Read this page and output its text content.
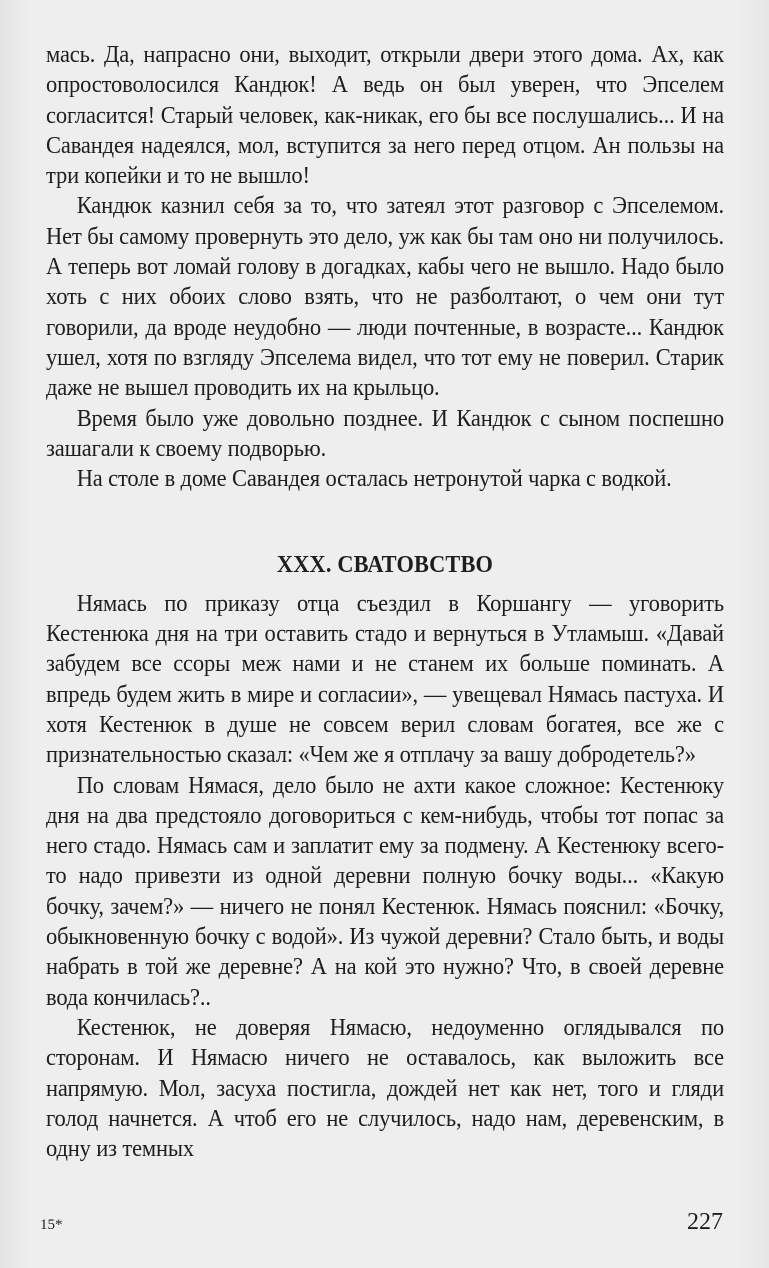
мась. Да, напрасно они, выходит, открыли двери этого дома. Ах, как опростоволосился Кандюк! А ведь он был уверен, что Эпселем согласится! Старый человек, как-никак, его бы все послушались... И на Савандея надеялся, мол, вступится за него перед отцом. Ан пользы на три копейки и то не вышло!

Кандюк казнил себя за то, что затеял этот разговор с Эпселемом. Нет бы самому провернуть это дело, уж как бы там оно ни получилось. А теперь вот ломай голову в догадках, кабы чего не вышло. Надо было хоть с них обоих слово взять, что не разболтают, о чем они тут говорили, да вроде неудобно — люди почтенные, в возрасте... Кандюк ушел, хотя по взгляду Эпселема видел, что тот ему не поверил. Старик даже не вышел проводить их на крыльцо.

Время было уже довольно позднее. И Кандюк с сыном поспешно зашагали к своему подворью.

На столе в доме Савандея осталась нетронутой чарка с водкой.

XXX. СВАТОВСТВО

Нямась по приказу отца съездил в Коршангу — уговорить Кестенюка дня на три оставить стадо и вернуться в Утламыш. «Давай забудем все ссоры меж нами и не станем их больше поминать. А впредь будем жить в мире и согласии», — увещевал Нямась пастуха. И хотя Кестенюк в душе не совсем верил словам богатея, все же с признательностью сказал: «Чем же я отплачу за вашу добродетель?»

По словам Нямася, дело было не ахти какое сложное: Кестенюку дня на два предстояло договориться с кем-нибудь, чтобы тот попас за него стадо. Нямась сам и заплатит ему за подмену. А Кестенюку всего-то надо привезти из одной деревни полную бочку воды... «Какую бочку, зачем?» — ничего не понял Кестенюк. Нямась пояснил: «Бочку, обыкновенную бочку с водой». Из чужой деревни? Стало быть, и воды набрать в той же деревне? А на кой это нужно? Что, в своей деревне вода кончилась?..

Кестенюк, не доверяя Нямасю, недоуменно оглядывался по сторонам. И Нямасю ничего не оставалось, как выложить все напрямую. Мол, засуха постигла, дождей нет как нет, того и гляди голод начнется. А чтоб его не случилось, надо нам, деревенским, в одну из темных

15*	227
